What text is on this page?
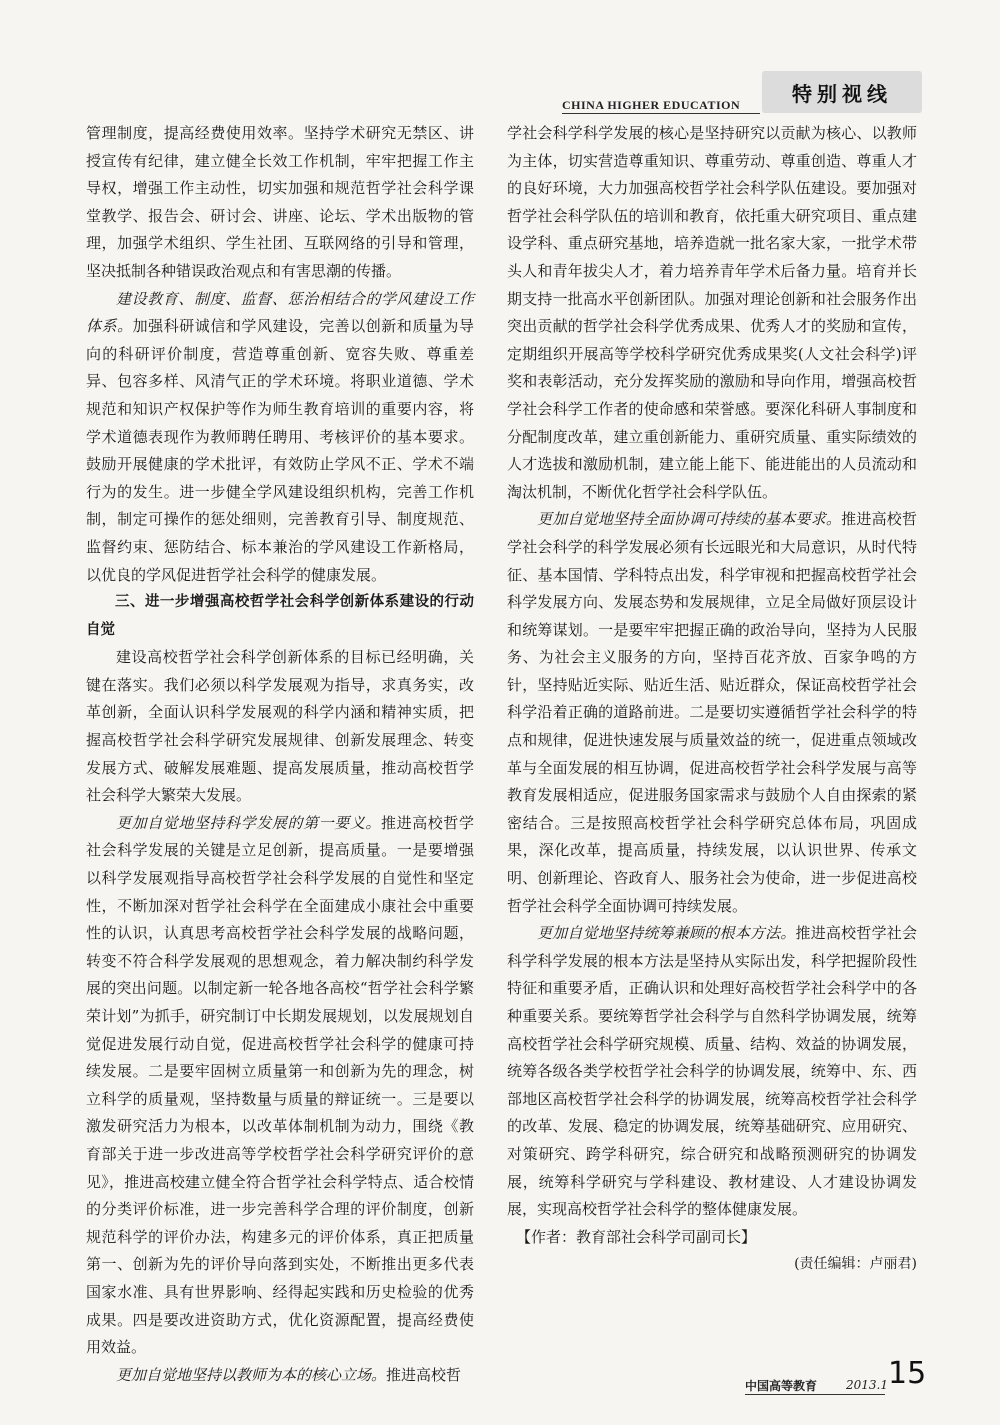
CHINA HIGHER EDUCATION	特别视线

管理制度，提高经费使用效率。坚持学术研究无禁区、讲授宣传有纪律，建立健全长效工作机制，牢牢把握工作主导权，增强工作主动性，切实加强和规范哲学社会科学课堂教学、报告会、研讨会、讲座、论坛、学术出版物的管理，加强学术组织、学生社团、互联网络的引导和管理，坚决抵制各种错误政治观点和有害思潮的传播。

建设教育、制度、监督、惩治相结合的学风建设工作体系。加强科研诚信和学风建设，完善以创新和质量为导向的科研评价制度，营造尊重创新、宽容失败、尊重差异、包容多样、风清气正的学术环境。将职业道德、学术规范和知识产权保护等作为师生教育培训的重要内容，将学术道德表现作为教师聘任聘用、考核评价的基本要求。鼓励开展健康的学术批评，有效防止学风不正、学术不端行为的发生。进一步健全学风建设组织机构，完善工作机制，制定可操作的惩处细则，完善教育引导、制度规范、监督约束、惩防结合、标本兼治的学风建设工作新格局，以优良的学风促进哲学社会科学的健康发展。

三、进一步增强高校哲学社会科学创新体系建设的行动自觉

建设高校哲学社会科学创新体系的目标已经明确，关键在落实。我们必须以科学发展观为指导，求真务实，改革创新，全面认识科学发展观的科学内涵和精神实质，把握高校哲学社会科学研究发展规律、创新发展理念、转变发展方式、破解发展难题、提高发展质量，推动高校哲学社会科学大繁荣大发展。

更加自觉地坚持科学发展的第一要义。推进高校哲学社会科学发展的关键是立足创新，提高质量。一是要增强以科学发展观指导高校哲学社会科学发展的自觉性和坚定性，不断加深对哲学社会科学在全面建成小康社会中重要性的认识，认真思考高校哲学社会科学发展的战略问题，转变不符合科学发展观的思想观念，着力解决制约科学发展的突出问题。以制定新一轮各地各高校“哲学社会科学繁荣计划”为抓手，研究制订中长期发展规划，以发展规划自觉促进发展行动自觉，促进高校哲学社会科学的健康可持续发展。二是要牢固树立质量第一和创新为先的理念，树立科学的质量观，坚持数量与质量的辩证统一。三是要以激发研究活力为根本，以改革体制机制为动力，围绕《教育部关于进一步改进高等学校哲学社会科学研究评价的意见》，推进高校建立健全符合哲学社会科学特点、适合校情的分类评价标准，进一步完善科学合理的评价制度，创新规范科学的评价办法，构建多元的评价体系，真正把质量第一、创新为先的评价导向落到实处，不断推出更多代表国家水准、具有世界影响、经得起实践和历史检验的优秀成果。四是要改进资助方式，优化资源配置，提高经费使用效益。

更加自觉地坚持以教师为本的核心立场。推进高校哲

学社会科学科学发展的核心是坚持研究以贡献为核心、以教师为主体，切实营造尊重知识、尊重劳动、尊重创造、尊重人才的良好环境，大力加强高校哲学社会科学队伍建设。要加强对哲学社会科学队伍的培训和教育，依托重大研究项目、重点建设学科、重点研究基地，培养造就一批名家大家，一批学术带头人和青年拔尖人才，着力培养青年学术后备力量。培育并长期支持一批高水平创新团队。加强对理论创新和社会服务作出突出贡献的哲学社会科学优秀成果、优秀人才的奖励和宣传，定期组织开展高等学校科学研究优秀成果奖(人文社会科学)评奖和表彰活动，充分发挥奖励的激励和导向作用，增强高校哲学社会科学工作者的使命感和荣誉感。要深化科研人事制度和分配制度改革，建立重创新能力、重研究质量、重实际绩效的人才选拔和激励机制，建立能上能下、能进能出的人员流动和淘汰机制，不断优化哲学社会科学队伍。

更加自觉地坚持全面协调可持续的基本要求。推进高校哲学社会科学的科学发展必须有长远眼光和大局意识，从时代特征、基本国情、学科特点出发，科学审视和把握高校哲学社会科学发展方向、发展态势和发展规律，立足全局做好顶层设计和统筹谋划。一是要牢牢把握正确的政治导向，坚持为人民服务、为社会主义服务的方向，坚持百花齐放、百家争鸣的方针，坚持贴近实际、贴近生活、贴近群众，保证高校哲学社会科学沿着正确的道路前进。二是要切实遵循哲学社会科学的特点和规律，促进快速发展与质量效益的统一，促进重点领域改革与全面发展的相互协调，促进高校哲学社会科学发展与高等教育发展相适应，促进服务国家需求与鼓励个人自由探索的紧密结合。三是按照高校哲学社会科学研究总体布局，巩固成果，深化改革，提高质量，持续发展，以认识世界、传承文明、创新理论、咨政育人、服务社会为使命，进一步促进高校哲学社会科学全面协调可持续发展。

更加自觉地坚持统筹兼顾的根本方法。推进高校哲学社会科学科学发展的根本方法是坚持从实际出发，科学把握阶段性特征和重要矛盾，正确认识和处理好高校哲学社会科学中的各种重要关系。要统筹哲学社会科学与自然科学协调发展，统筹高校哲学社会科学研究规模、质量、结构、效益的协调发展，统筹各级各类学校哲学社会科学的协调发展，统筹中、东、西部地区高校哲学社会科学的协调发展，统筹高校哲学社会科学的改革、发展、稳定的协调发展，统筹基础研究、应用研究、对策研究、跨学科研究，综合研究和战略预测研究的协调发展，统筹科学研究与学科建设、教材建设、人才建设协调发展，实现高校哲学社会科学的整体健康发展。

【作者：教育部社会科学司副司长】

(责任编辑：卢丽君)

中国高等教育 2013.1 15
